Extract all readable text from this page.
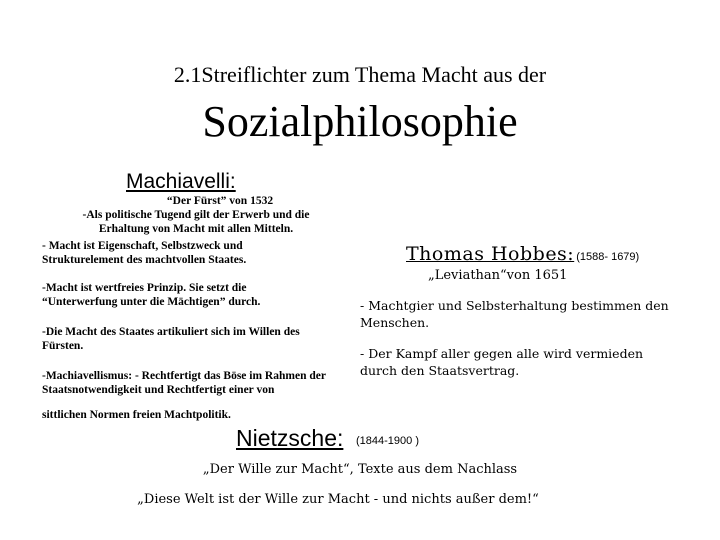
2.1Streiflichter zum Thema Macht aus der
Sozialphilosophie
Machiavelli:
“Der Fürst” von 1532
-Als politische Tugend gilt der Erwerb und die Erhaltung von Macht mit allen Mitteln.
- Macht ist Eigenschaft, Selbstzweck und Strukturelement des machtvollen Staates.
-Macht ist wertfreies Prinzip. Sie setzt die “Unterwerfung unter die Mächtigen” durch.
-Die Macht des Staates artikuliert sich im Willen des Fürsten.
-Machiavellismus: - Rechtfertigt das Böse im Rahmen der Staatsnotwendigkeit und Rechtfertigt einer von
sittlichen Normen freien Machtpolitik.
Thomas Hobbes: (1588- 1679)
„Leviathan“von 1651
- Machtgier und Selbsterhaltung bestimmen den Menschen.
- Der Kampf aller gegen alle wird vermieden durch den Staatsvertrag.
Nietzsche: (1844-1900 )
„Der Wille zur Macht“, Texte aus dem Nachlass
„Diese Welt ist der Wille zur Macht - und nichts außer dem!“
